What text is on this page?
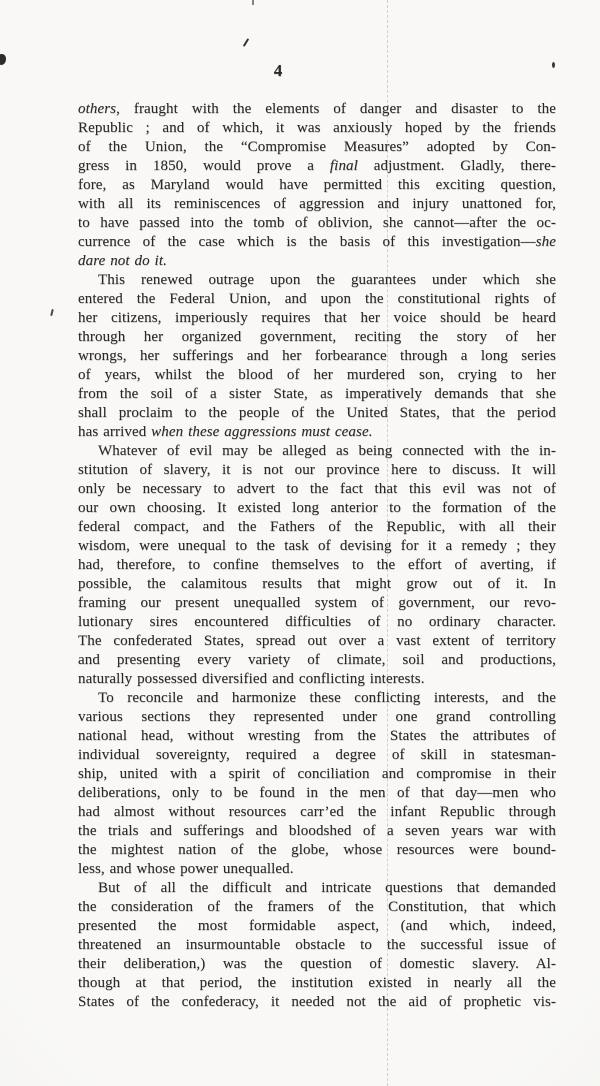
4
others, fraught with the elements of danger and disaster to the
Republic ; and of which, it was anxiously hoped by the friends
of the Union, the “Compromise Measures” adopted by Con-
gress in 1850, would prove a final adjustment. Gladly, there-
fore, as Maryland would have permitted this exciting question,
with all its reminiscences of aggression and injury unattoned for,
to have passed into the tomb of oblivion, she cannot—after the oc-
currence of the case which is the basis of this investigation—she
dare not do it.
This renewed outrage upon the guarantees under which she
entered the Federal Union, and upon the constitutional rights of
her citizens, imperiously requires that her voice should be heard
through her organized government, reciting the story of her
wrongs, her sufferings and her forbearance through a long series
of years, whilst the blood of her murdered son, crying to her
from the soil of a sister State, as imperatively demands that she
shall proclaim to the people of the United States, that the period
has arrived when these aggressions must cease.
Whatever of evil may be alleged as being connected with the in-
stitution of slavery, it is not our province here to discuss. It will
only be necessary to advert to the fact that this evil was not of
our own choosing. It existed long anterior to the formation of the
federal compact, and the Fathers of the Republic, with all their
wisdom, were unequal to the task of devising for it a remedy ; they
had, therefore, to confine themselves to the effort of averting, if
possible, the calamitous results that might grow out of it. In
framing our present unequalled system of government, our revo-
lutionary sires encountered difficulties of no ordinary character.
The confederated States, spread out over a vast extent of territory
and presenting every variety of climate, soil and productions,
naturally possessed diversified and conflicting interests.
To reconcile and harmonize these conflicting interests, and the
various sections they represented under one grand controlling
national head, without wresting from the States the attributes of
individual sovereignty, required a degree of skill in statesman-
ship, united with a spirit of conciliation and compromise in their
deliberations, only to be found in the men of that day—men who
had almost without resources carr’ed the infant Republic through
the trials and sufferings and bloodshed of a seven years war with
the mightest nation of the globe, whose resources were bound-
less, and whose power unequalled.
But of all the difficult and intricate questions that demanded
the consideration of the framers of the Constitution, that which
presented the most formidable aspect, (and which, indeed,
threatened an insurmountable obstacle to the successful issue of
their deliberation,) was the question of domestic slavery. Al-
though at that period, the institution existed in nearly all the
States of the confederacy, it needed not the aid of prophetic vis-
